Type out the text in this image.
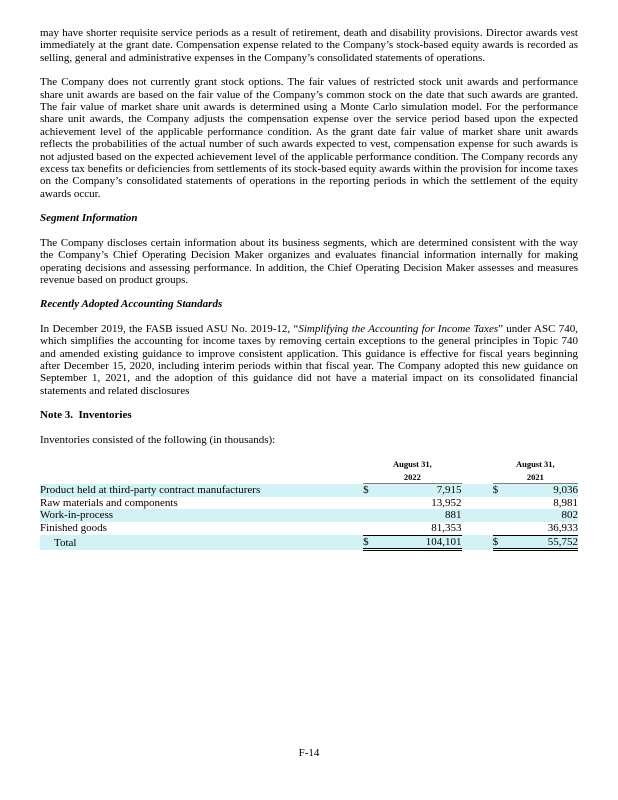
may have shorter requisite service periods as a result of retirement, death and disability provisions. Director awards vest immediately at the grant date. Compensation expense related to the Company’s stock-based equity awards is recorded as selling, general and administrative expenses in the Company’s consolidated statements of operations.

The Company does not currently grant stock options. The fair values of restricted stock unit awards and performance share unit awards are based on the fair value of the Company’s common stock on the date that such awards are granted. The fair value of market share unit awards is determined using a Monte Carlo simulation model. For the performance share unit awards, the Company adjusts the compensation expense over the service period based upon the expected achievement level of the applicable performance condition. As the grant date fair value of market share unit awards reflects the probabilities of the actual number of such awards expected to vest, compensation expense for such awards is not adjusted based on the expected achievement level of the applicable performance condition. The Company records any excess tax benefits or deficiencies from settlements of its stock-based equity awards within the provision for income taxes on the Company’s consolidated statements of operations in the reporting periods in which the settlement of the equity awards occur.

Segment Information

The Company discloses certain information about its business segments, which are determined consistent with the way the Company’s Chief Operating Decision Maker organizes and evaluates financial information internally for making operating decisions and assessing performance. In addition, the Chief Operating Decision Maker assesses and measures revenue based on product groups.

Recently Adopted Accounting Standards

In December 2019, the FASB issued ASU No. 2019-12, “Simplifying the Accounting for Income Taxes” under ASC 740, which simplifies the accounting for income taxes by removing certain exceptions to the general principles in Topic 740 and amended existing guidance to improve consistent application. This guidance is effective for fiscal years beginning after December 15, 2020, including interim periods within that fiscal year. The Company adopted this new guidance on September 1, 2021, and the adoption of this guidance did not have a material impact on its consolidated financial statements and related disclosures

Note 3.  Inventories

Inventories consisted of the following (in thousands):

	August 31,
2022			August 31,
2021	
Product held at third-party contract manufacturers	$	7,915		$	9,036
Raw materials and components		13,952			8,981
Work-in-process		881			802
Finished goods		81,353			36,933
Total	$	104,101		$	55,752
F-14
